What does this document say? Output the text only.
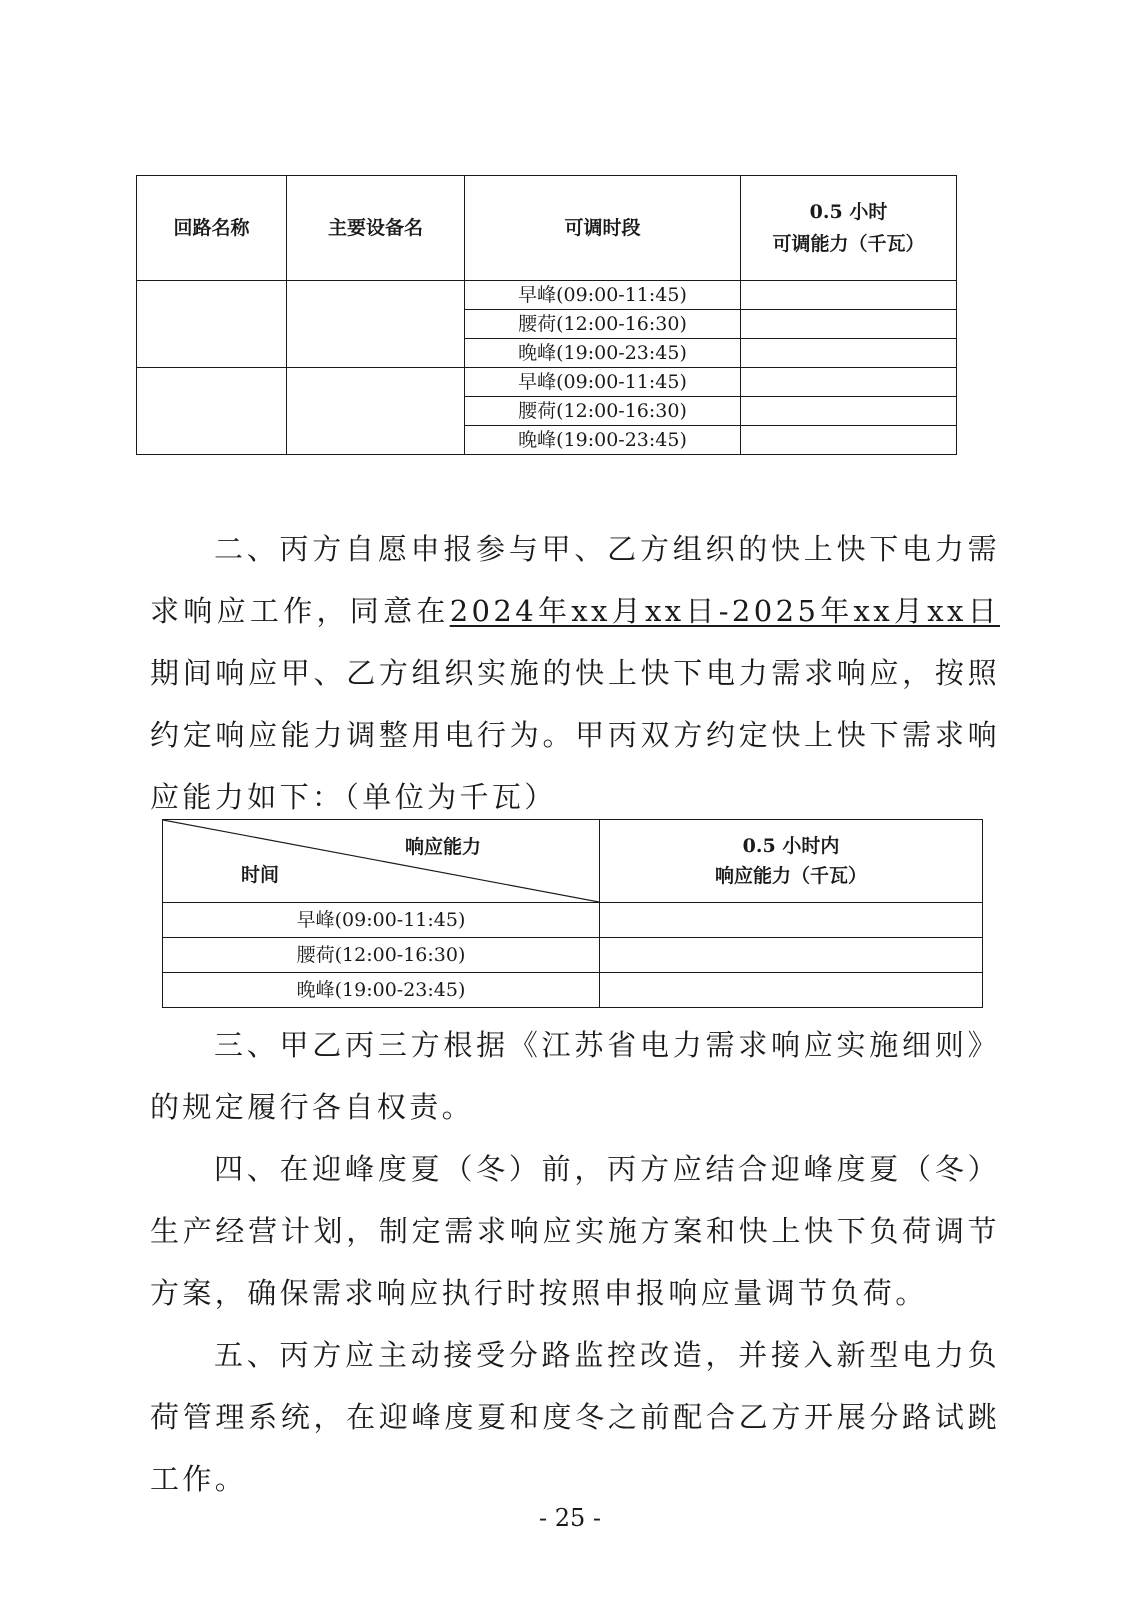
回路名称	主要设备名	可调时段	0.5 小时
可调能力（千瓦）

		早峰(09:00-11:45)	
		腰荷(12:00-16:30)	
		晚峰(19:00-23:45)	
		早峰(09:00-11:45)	
		腰荷(12:00-16:30)	
		晚峰(19:00-23:45)	

二、丙方自愿申报参与甲、乙方组织的快上快下电力需求响应工作，同意在2024年xx月xx日-2025年xx月xx日期间响应甲、乙方组织实施的快上快下电力需求响应，按照约定响应能力调整用电行为。甲丙双方约定快上快下需求响应能力如下：（单位为千瓦）

响应能力
时间	0.5 小时内
响应能力（千瓦）

早峰(09:00-11:45)	
腰荷(12:00-16:30)	
晚峰(19:00-23:45)	

三、甲乙丙三方根据《江苏省电力需求响应实施细则》的规定履行各自权责。

四、在迎峰度夏（冬）前，丙方应结合迎峰度夏（冬）生产经营计划，制定需求响应实施方案和快上快下负荷调节方案，确保需求响应执行时按照申报响应量调节负荷。

五、丙方应主动接受分路监控改造，并接入新型电力负荷管理系统，在迎峰度夏和度冬之前配合乙方开展分路试跳工作。

- 25 -
